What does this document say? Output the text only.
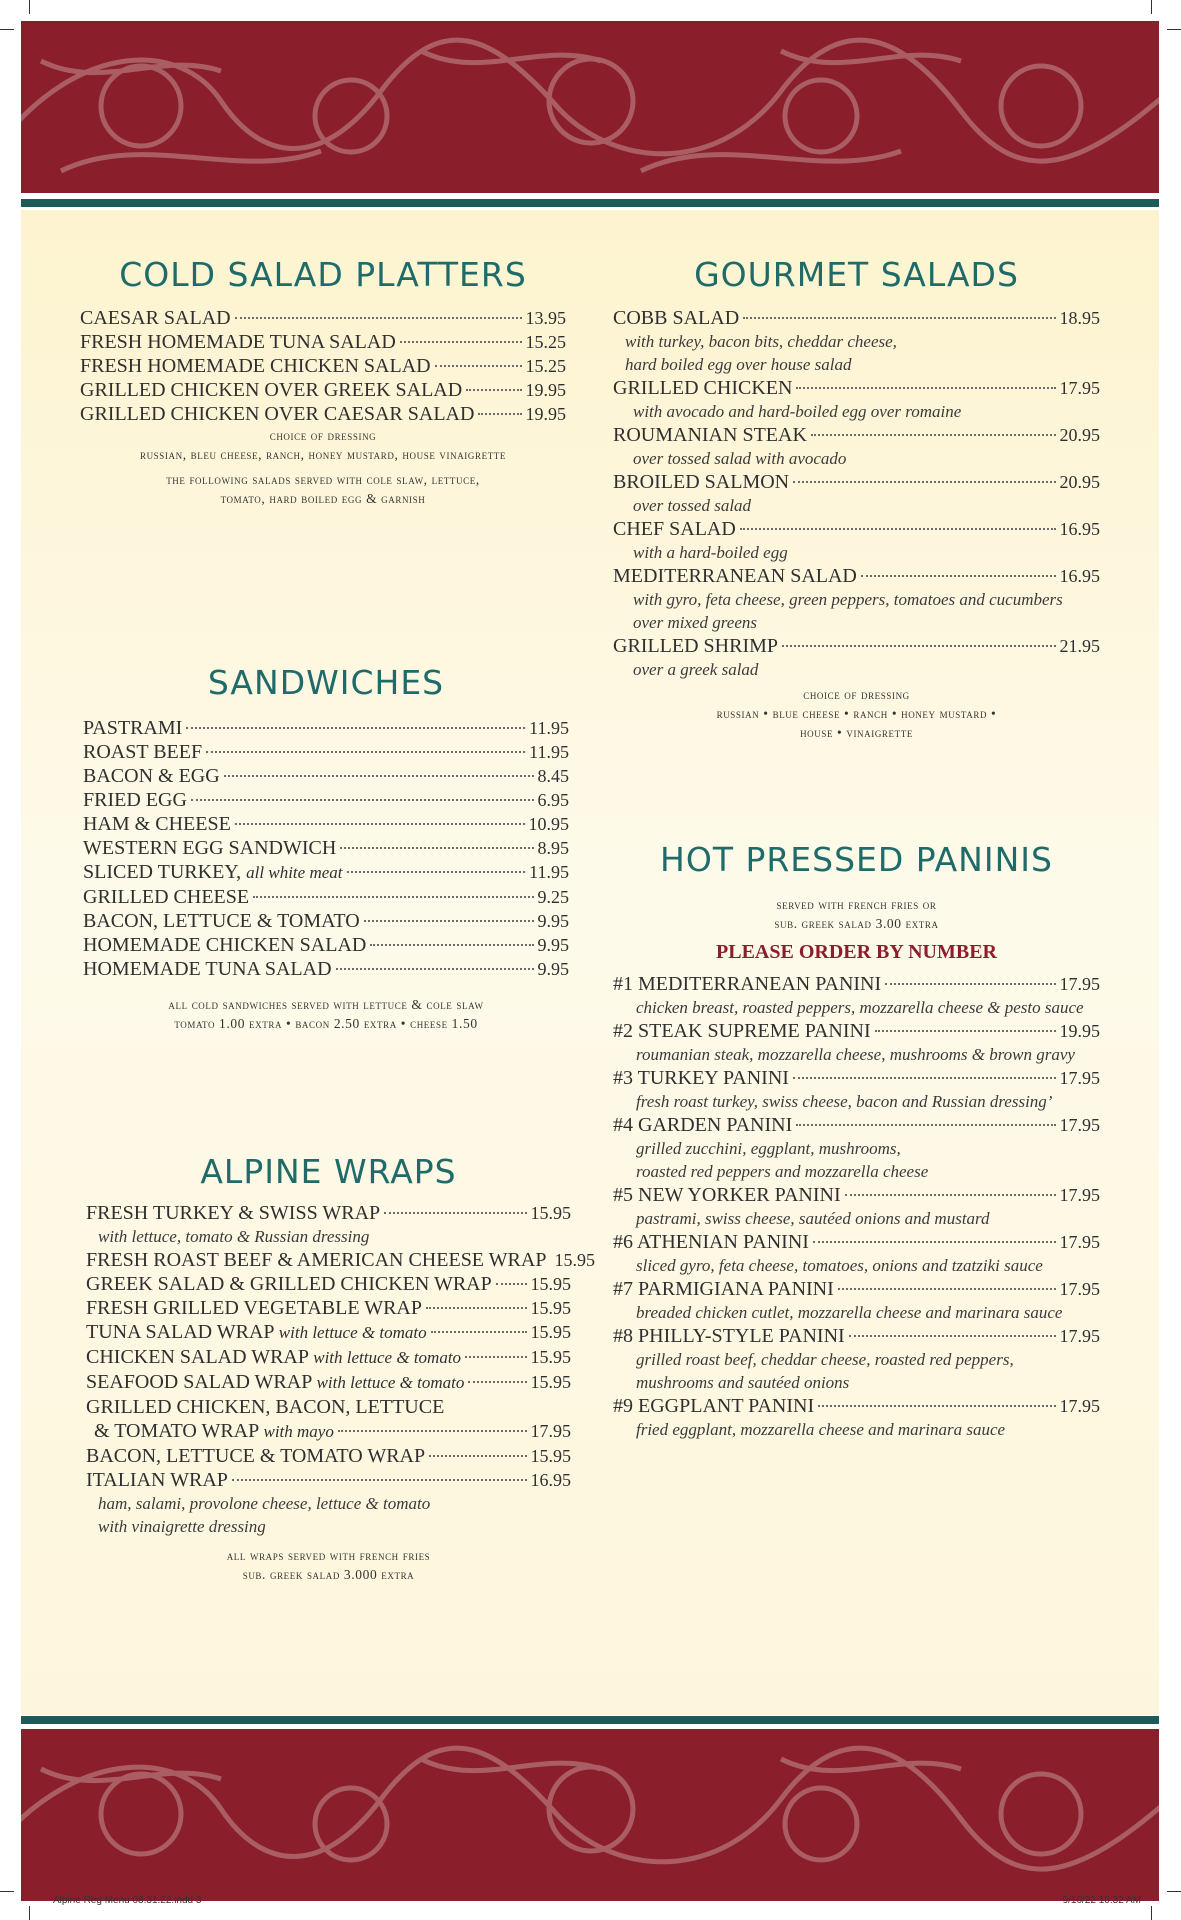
COLD SALAD PLATTERS
CAESAR SALAD	13.95
FRESH HOMEMADE TUNA SALAD	15.25
FRESH HOMEMADE CHICKEN SALAD	15.25
GRILLED CHICKEN OVER GREEK SALAD	19.95
GRILLED CHICKEN OVER CAESAR SALAD	19.95
choice of dressing
russian, bleu cheese, ranch, honey mustard, house vinaigrette
the following salads served with cole slaw, lettuce,
tomato, hard boiled egg & garnish
SANDWICHES
PASTRAMI	11.95
ROAST BEEF	11.95
BACON & EGG	8.45
FRIED EGG	6.95
HAM & CHEESE	10.95
WESTERN EGG SANDWICH	8.95
SLICED TURKEY, all white meat	11.95
GRILLED CHEESE	9.25
BACON, LETTUCE & TOMATO	9.95
HOMEMADE CHICKEN SALAD	9.95
HOMEMADE TUNA SALAD	9.95
all cold sandwiches served with lettuce & cole slaw
tomato 1.00 extra • bacon 2.50 extra • cheese 1.50
ALPINE WRAPS
FRESH TURKEY & SWISS WRAP	15.95
with lettuce, tomato & Russian dressing
FRESH ROAST BEEF & AMERICAN CHEESE WRAP 15.95
GREEK SALAD & GRILLED CHICKEN WRAP 15.95
FRESH GRILLED VEGETABLE WRAP	15.95
TUNA SALAD WRAP with lettuce & tomato	15.95
CHICKEN SALAD WRAP with lettuce & tomato	15.95
SEAFOOD SALAD WRAP with lettuce & tomato	15.95
GRILLED CHICKEN, BACON, LETTUCE
& TOMATO WRAP with mayo	17.95
BACON, LETTUCE & TOMATO WRAP	15.95
ITALIAN WRAP	16.95
ham, salami, provolone cheese, lettuce & tomato
with vinaigrette dressing
all wraps served with french fries
sub. greek salad 3.000 extra
GOURMET SALADS
COBB SALAD	18.95
with turkey, bacon bits, cheddar cheese,
hard boiled egg over house salad
GRILLED CHICKEN	17.95
with avocado and hard-boiled egg over romaine
ROUMANIAN STEAK	20.95
over tossed salad with avocado
BROILED SALMON	20.95
over tossed salad
CHEF SALAD	16.95
with a hard-boiled egg
MEDITERRANEAN SALAD	16.95
with gyro, feta cheese, green peppers, tomatoes and cucumbers
over mixed greens
GRILLED SHRIMP	21.95
over a greek salad
choice of dressing
russian • blue cheese • ranch • honey mustard •
house • vinaigrette
HOT PRESSED PANINIS
served with french fries or
sub. greek salad 3.00 extra
PLEASE ORDER BY NUMBER
#1 MEDITERRANEAN PANINI	17.95
chicken breast, roasted peppers, mozzarella cheese & pesto sauce
#2 STEAK SUPREME PANINI	19.95
roumanian steak, mozzarella cheese, mushrooms & brown gravy
#3 TURKEY PANINI	17.95
fresh roast turkey, swiss cheese, bacon and Russian dressing’
#4 GARDEN PANINI	17.95
grilled zucchini, eggplant, mushrooms,
roasted red peppers and mozzarella cheese
#5 NEW YORKER PANINI	17.95
pastrami, swiss cheese, sautéed onions and mustard
#6 ATHENIAN PANINI	17.95
sliced gyro, feta cheese, tomatoes, onions and tzatziki sauce
#7 PARMIGIANA PANINI	17.95
breaded chicken cutlet, mozzarella cheese and marinara sauce
#8 PHILLY-STYLE PANINI	17.95
grilled roast beef, cheddar cheese, roasted red peppers,
mushrooms and sautéed onions
#9 EGGPLANT PANINI	17.95
fried eggplant, mozzarella cheese and marinara sauce
Alpine Reg Menu 08.31.22.indd 3	9/10/22 10:32 AM
